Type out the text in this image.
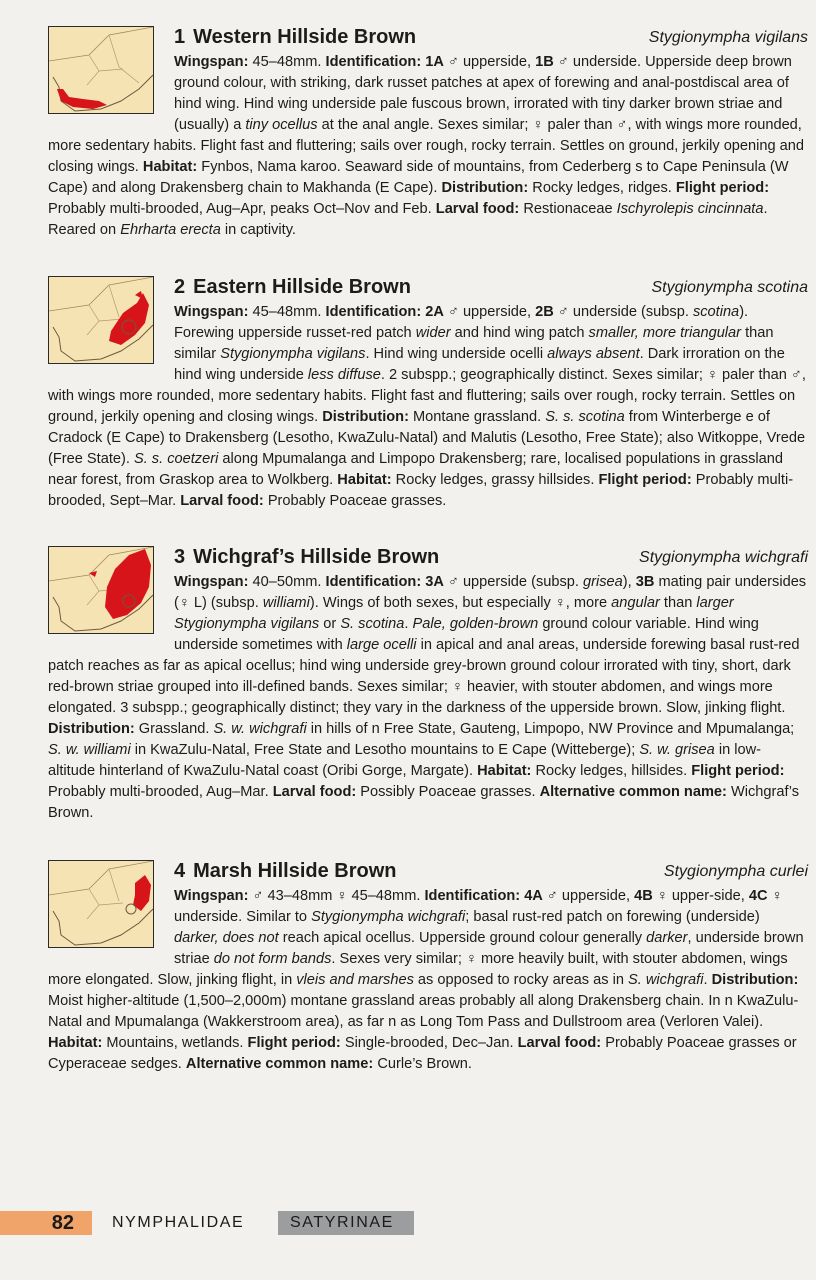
1 Western Hillside Brown	Stygionympha vigilans
Wingspan: 45–48mm. Identification: 1A ♂ upperside, 1B ♂ underside. Upperside deep brown ground colour, with striking, dark russet patches at apex of forewing and anal-postdiscal area of hind wing. Hind wing underside pale fuscous brown, irrorated with tiny darker brown striae and (usually) a tiny ocellus at the anal angle. Sexes similar; ♀ paler than ♂, with wings more rounded, more sedentary habits. Flight fast and fluttering; sails over rough, rocky terrain. Settles on ground, jerkily opening and closing wings. Habitat: Fynbos, Nama karoo. Seaward side of mountains, from Cederberg s to Cape Peninsula (W Cape) and along Drakensberg chain to Makhanda (E Cape). Distribution: Rocky ledges, ridges. Flight period: Probably multi-brooded, Aug–Apr, peaks Oct–Nov and Feb. Larval food: Restionaceae Ischyrolepis cincinnata. Reared on Ehrharta erecta in captivity.
2 Eastern Hillside Brown	Stygionympha scotina
Wingspan: 45–48mm. Identification: 2A ♂ upperside, 2B ♂ underside (subsp. scotina). Forewing upperside russet-red patch wider and hind wing patch smaller, more triangular than similar Stygionympha vigilans. Hind wing underside ocelli always absent. Dark irroration on the hind wing underside less diffuse. 2 subspp.; geographically distinct. Sexes similar; ♀ paler than ♂, with wings more rounded, more sedentary habits. Flight fast and fluttering; sails over rough, rocky terrain. Settles on ground, jerkily opening and closing wings. Distribution: Montane grassland. S. s. scotina from Winterberge e of Cradock (E Cape) to Drakensberg (Lesotho, KwaZulu-Natal) and Malutis (Lesotho, Free State); also Witkoppe, Vrede (Free State). S. s. coetzeri along Mpumalanga and Limpopo Drakensberg; rare, localised populations in grassland near forest, from Graskop area to Wolkberg. Habitat: Rocky ledges, grassy hillsides. Flight period: Probably multi-brooded, Sept–Mar. Larval food: Probably Poaceae grasses.
3 Wichgraf’s Hillside Brown	Stygionympha wichgrafi
Wingspan: 40–50mm. Identification: 3A ♂ upperside (subsp. grisea), 3B mating pair undersides (♀ L) (subsp. williami). Wings of both sexes, but especially ♀, more angular than larger Stygionympha vigilans or S. scotina. Pale, golden-brown ground colour variable. Hind wing underside sometimes with large ocelli in apical and anal areas, underside forewing basal rust-red patch reaches as far as apical ocellus; hind wing underside grey-brown ground colour irrorated with tiny, short, dark red-brown striae grouped into ill-defined bands. Sexes similar; ♀ heavier, with stouter abdomen, and wings more elongated. 3 subspp.; geographically distinct; they vary in the darkness of the upperside brown. Slow, jinking flight. Distribution: Grassland. S. w. wichgrafi in hills of n Free State, Gauteng, Limpopo, NW Province and Mpumalanga; S. w. williami in KwaZulu-Natal, Free State and Lesotho mountains to E Cape (Witteberge); S. w. grisea in low-altitude hinterland of KwaZulu-Natal coast (Oribi Gorge, Margate). Habitat: Rocky ledges, hillsides. Flight period: Probably multi-brooded, Aug–Mar. Larval food: Possibly Poaceae grasses. Alternative common name: Wichgraf’s Brown.
4 Marsh Hillside Brown	Stygionympha curlei
Wingspan: ♂ 43–48mm ♀ 45–48mm. Identification: 4A ♂ upperside, 4B ♀ upper-side, 4C ♀ underside. Similar to Stygionympha wichgrafi; basal rust-red patch on forewing (underside) darker, does not reach apical ocellus. Upperside ground colour generally darker, underside brown striae do not form bands. Sexes very similar; ♀ more heavily built, with stouter abdomen, wings more elongated. Slow, jinking flight, in vleis and marshes as opposed to rocky areas as in S. wichgrafi. Distribution: Moist higher-altitude (1,500–2,000m) montane grassland areas probably all along Drakensberg chain. In n KwaZulu-Natal and Mpumalanga (Wakkerstroom area), as far n as Long Tom Pass and Dullstroom area (Verloren Valei). Habitat: Mountains, wetlands. Flight period: Single-brooded, Dec–Jan. Larval food: Probably Poaceae grasses or Cyperaceae sedges. Alternative common name: Curle’s Brown.
82 NYMPHALIDAE	SATYRINAE
